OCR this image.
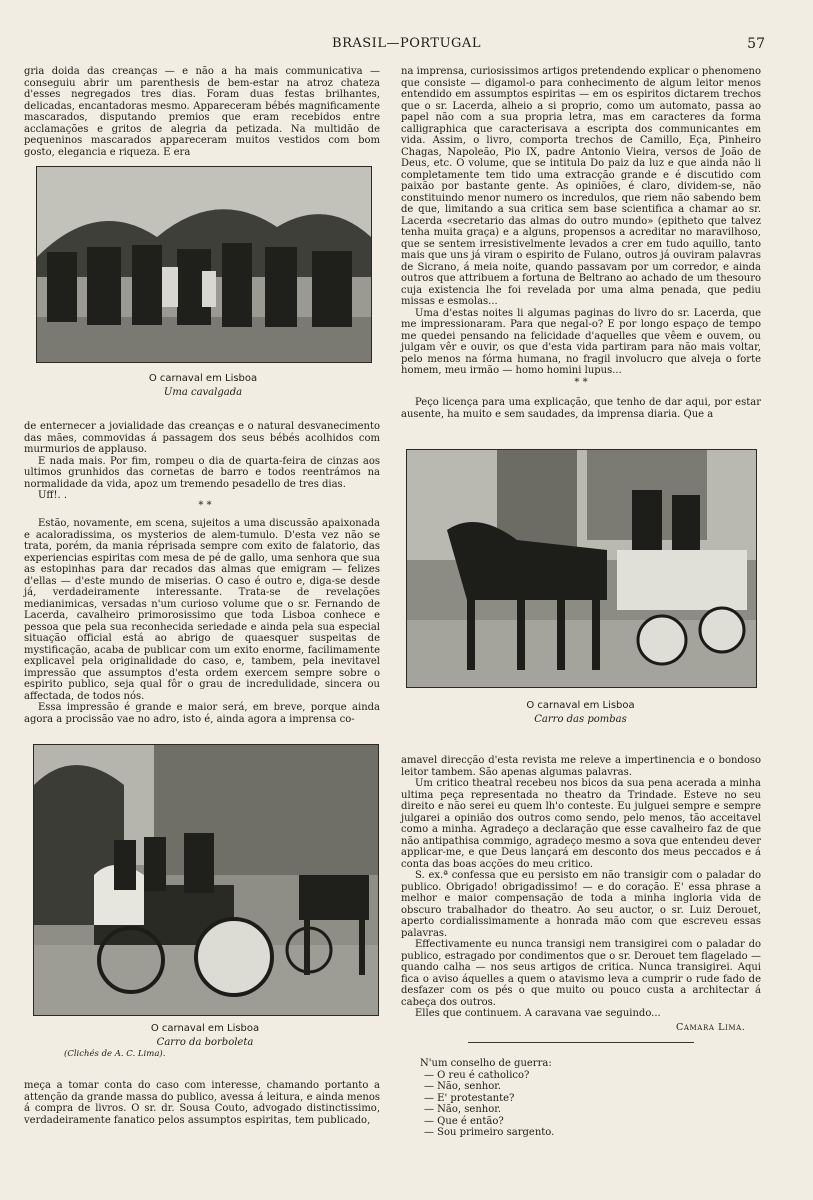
BRASIL—PORTUGAL	57

gria doida das creanças — e não a ha mais communicativa — conseguiu abrir um parenthesis de bem-estar na atroz chateza d'esses negregados tres dias. Foram duas festas brilhantes, delicadas, encantadoras mesmo. Appareceram bébés magnificamente mascarados, disputando premios que eram recebidos entre acclamações e gritos de alegria da petizada. Na multidão de pequeninos mascarados appareceram muitos vestidos com bom gosto, elegancia e riqueza. E era

O carnaval em Lisboa
Uma cavalgada

de enternecer a jovialidade das creanças e o natural desvanecimento das mães, commovidas á passagem dos seus bébés acolhidos com murmurios de applauso.

E nada mais. Por fim, rompeu o dia de quarta-feira de cinzas aos ultimos grunhidos das cornetas de barro e todos reentrámos na normalidade da vida, apoz um tremendo pesadello de tres dias.

Uff!. .

* *

Estão, novamente, em scena, sujeitos a uma discussão apaixonada e acaloradissima, os mysterios de alem-tumulo. D'esta vez não se trata, porém, da mania réprisada sempre com exito de falatorio, das experiencias espiritas com mesa de pé de gallo, uma senhora que sua as estopinhas para dar recados das almas que emigram — felizes d'ellas — d'este mundo de miserias. O caso é outro e, diga-se desde já, verdadeiramente interessante. Trata-se de revelações medianimicas, versadas n'um curioso volume que o sr. Fernando de Lacerda, cavalheiro primorosissimo que toda Lisboa conhece e pessoa que pela sua reconhecida seriedade e ainda pela sua especial situação official está ao abrigo de quaesquer suspeitas de mystificação, acaba de publicar com um exito enorme, facilimamente explicavel pela originalidade do caso, e, tambem, pela inevitavel impressão que assumptos d'esta ordem exercem sempre sobre o espirito publico, seja qual fôr o grau de incredulidade, sincera ou affectada, de todos nós.

Essa impressão é grande e maior será, em breve, porque ainda agora a procissão vae no adro, isto é, ainda agora a imprensa co-

O carnaval em Lisboa
Carro da borboleta
(Clichés de A. C. Lima).

meça a tomar conta do caso com interesse, chamando portanto a attenção da grande massa do publico, avessa á leitura, e ainda menos á compra de livros. O sr. dr. Sousa Couto, advogado distinctissimo, verdadeiramente fanatico pelos assumptos espiritas, tem publicado,

na imprensa, curiosissimos artigos pretendendo explicar o phenomeno que consiste — digamol-o para conhecimento de algum leitor menos entendido em assumptos espiritas — em os espiritos dictarem trechos que o sr. Lacerda, alheio a si proprio, como um automato, passa ao papel não com a sua propria letra, mas em caracteres da forma calligraphica que caracterisava a escripta dos communicantes em vida. Assim, o livro, comporta trechos de Camillo, Eça, Pinheiro Chagas, Napoleão, Pio IX, padre Antonio Vieira, versos de João de Deus, etc. O volume, que se intitula Do paiz da luz e que ainda não li completamente tem tido uma extracção grande e é discutido com paixão por bastante gente. As opiniões, é claro, dividem-se, não constituindo menor numero os incredulos, que riem não sabendo bem de que, limitando a sua critica sem base scientifica a chamar ao sr. Lacerda «secretario das almas do outro mundo» (epitheto que talvez tenha muita graça) e a alguns, propensos a acreditar no maravilhoso, que se sentem irresistivelmente levados a crer em tudo aquillo, tanto mais que uns já viram o espirito de Fulano, outros já ouviram palavras de Sicrano, á meia noite, quando passavam por um corredor, e ainda outros que attribuem a fortuna de Beltrano ao achado de um thesouro cuja existencia lhe foi revelada por uma alma penada, que pediu missas e esmolas...

Uma d'estas noites li algumas paginas do livro do sr. Lacerda, que me impressionaram. Para que negal-o? E por longo espaço de tempo me quedei pensando na felicidade d'aquelles que vêem e ouvem, ou julgam vêr e ouvir, os que d'esta vida partiram para não mais voltar, pelo menos na fórma humana, no fragil involucro que alveja o forte homem, meu irmão — homo homini lupus...

* *

Peço licença para uma explicação, que tenho de dar aqui, por estar ausente, ha muito e sem saudades, da imprensa diaria. Que a

O carnaval em Lisboa
Carro das pombas

amavel direcção d'esta revista me releve a impertinencia e o bondoso leitor tambem. São apenas algumas palavras.

Um critico theatral recebeu nos bicos da sua pena acerada a minha ultima peça representada no theatro da Trindade. Esteve no seu direito e não serei eu quem lh'o conteste. Eu julguei sempre e sempre julgarei a opinião dos outros como sendo, pelo menos, tão acceitavel como a minha. Agradeço a declaração que esse cavalheiro faz de que não antipathisa commigo, agradeço mesmo a sova que entendeu dever applicar-me, e que Deus lançará em desconto dos meus peccados e á conta das boas acções do meu critico.

S. ex.ª confessa que eu persisto em não transigir com o paladar do publico. Obrigado! obrigadissimo! — e do coração. E' essa phrase a melhor e maior compensação de toda a minha ingloria vida de obscuro trabalhador do theatro. Ao seu auctor, o sr. Luiz Derouet, aperto cordialissimamente a honrada mão com que escreveu essas palavras.

Effectivamente eu nunca transigi nem transigirei com o paladar do publico, estragado por condimentos que o sr. Derouet tem flagelado — quando calha — nos seus artigos de critica. Nunca transigirei. Aqui fica o aviso áquelles a quem o atavismo leva a cumprir o rude fado de desfazer com os pés o que muito ou pouco custa a architectar á cabeça dos outros.

Elles que continuem. A caravana vae seguindo...

Camara Lima.
N'um conselho de guerra:
— O reu é catholico?
— Não, senhor.
— E' protestante?
— Não, senhor.
— Que é então?
— Sou primeiro sargento.
